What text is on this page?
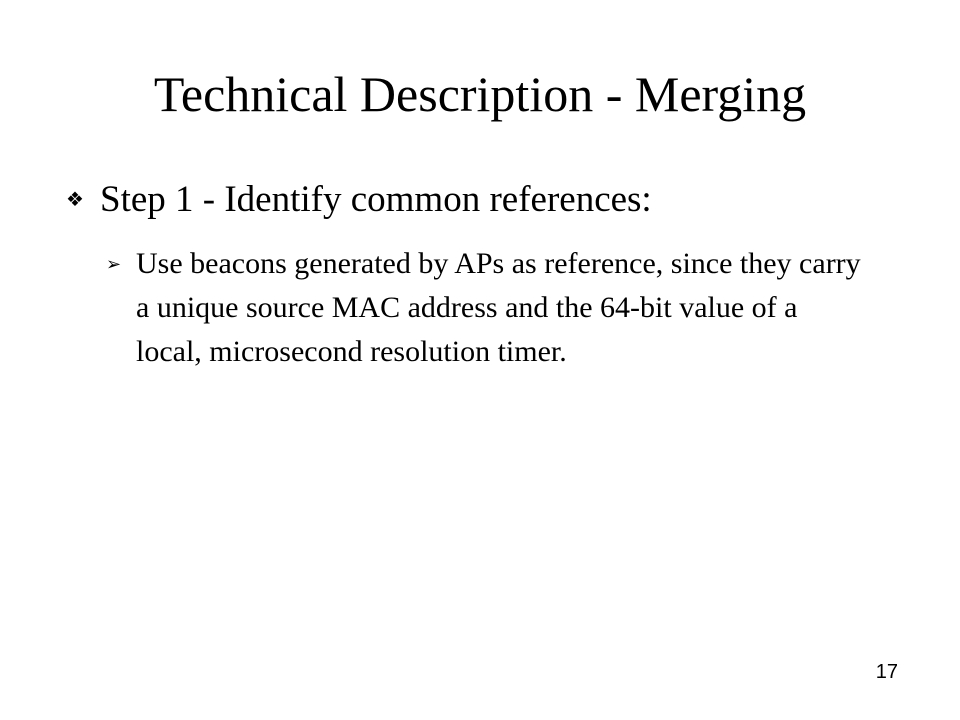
Technical Description - Merging
❖ Step 1 - Identify common references:
➢ Use beacons generated by APs as reference, since they carry a unique source MAC address and the 64-bit value of a local, microsecond resolution timer.
17
